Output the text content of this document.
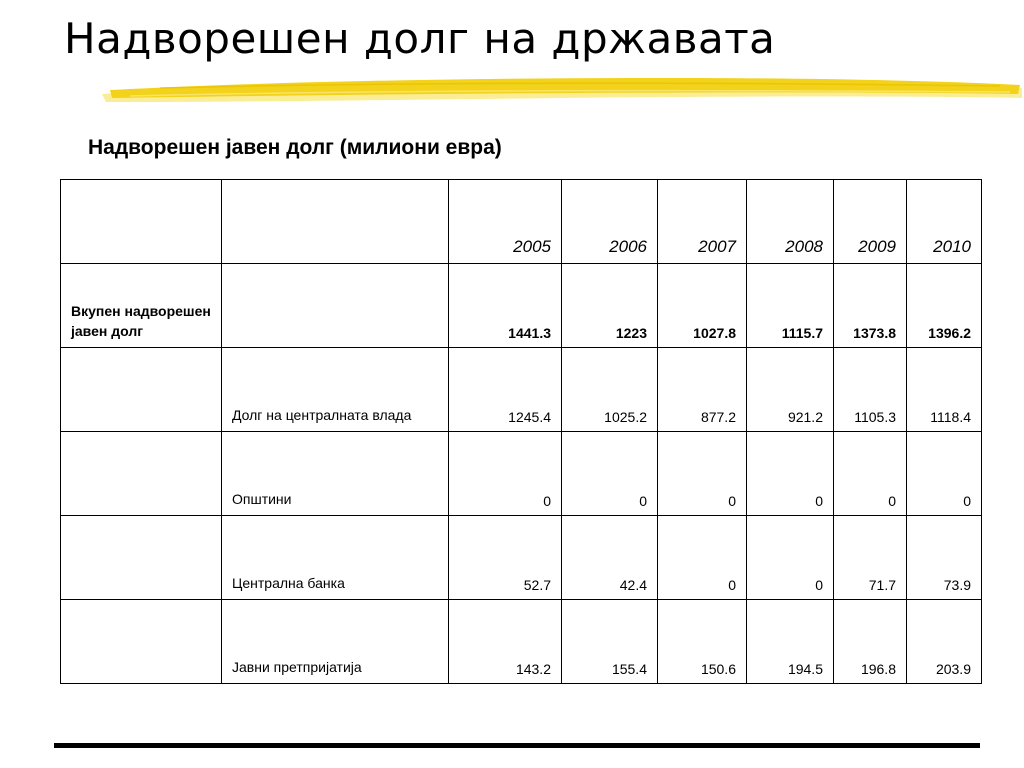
Надворешен долг на државата
Надворешен јавен долг (милиони евра)
		2005	2006	2007	2008	2009	2010
Вкупен надворешен јавен долг		1441.3	1223	1027.8	1115.7	1373.8	1396.2
	Долг на централната влада	1245.4	1025.2	877.2	921.2	1105.3	1118.4
	Општини	0	0	0	0	0	0
	Централна банка	52.7	42.4	0	0	71.7	73.9
	Јавни претпријатија	143.2	155.4	150.6	194.5	196.8	203.9
